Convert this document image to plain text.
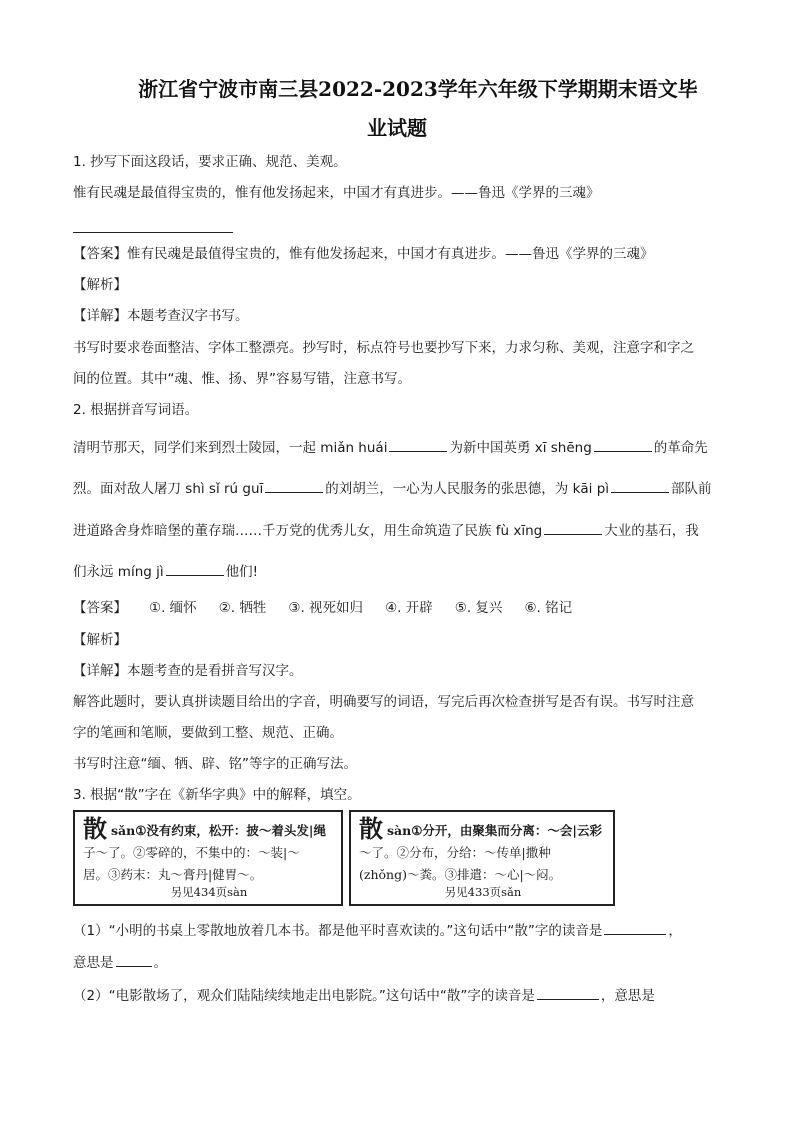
浙江省宁波市南三县2022-2023学年六年级下学期期末语文毕
业试题
1. 抄写下面这段话，要求正确、规范、美观。
惟有民魂是最值得宝贵的，惟有他发扬起来，中国才有真进步。——鲁迅《学界的三魂》
【答案】惟有民魂是最值得宝贵的，惟有他发扬起来，中国才有真进步。——鲁迅《学界的三魂》
【解析】
【详解】本题考查汉字书写。
书写时要求卷面整洁、字体工整漂亮。抄写时，标点符号也要抄写下来，力求匀称、美观，注意字和字之
间的位置。其中“魂、惟、扬、界”容易写错，注意书写。
2. 根据拼音写词语。
清明节那天，同学们来到烈士陵园，一起 miǎn huái	为新中国英勇 xī shēng	的革命先
烈。面对敌人屠刀 shì sǐ rú guī	的刘胡兰，一心为人民服务的张思德，为 kāi pì	部队前
进道路舍身炸暗堡的董存瑞……千万党的优秀儿女，用生命筑造了民族 fù xīng	大业的基石，我
们永远 míng jì	他们!
【答案】 ①. 缅怀 ②. 牺牲 ③. 视死如归 ④. 开辟 ⑤. 复兴 ⑥. 铭记
【解析】
【详解】本题考查的是看拼音写汉字。
解答此题时，要认真拼读题目给出的字音，明确要写的词语，写完后再次检查拼写是否有误。书写时注意
字的笔画和笔顺，要做到工整、规范、正确。
书写时注意“缅、牺、辟、铭”等字的正确写法。
3. 根据“散”字在《新华字典》中的解释，填空。
散sǎn①没有约束，松开：披～着头发|绳
子～了。②零碎的，不集中的：～装|～
居。③药末：丸～膏丹|健胃～。
另见434页sàn
散sàn①分开，由聚集而分离：～会|云彩
～了。②分布，分给：～传单|撒种
(zhǒng)～粪。③排遣：～心|～闷。
另见433页sǎn
（1）“小明的书桌上零散地放着几本书。都是他平时喜欢读的。”这句话中“散”字的读音是	，
意思是	。
（2）“电影散场了，观众们陆陆续续地走出电影院。”这句话中“散”字的读音是	，意思是
